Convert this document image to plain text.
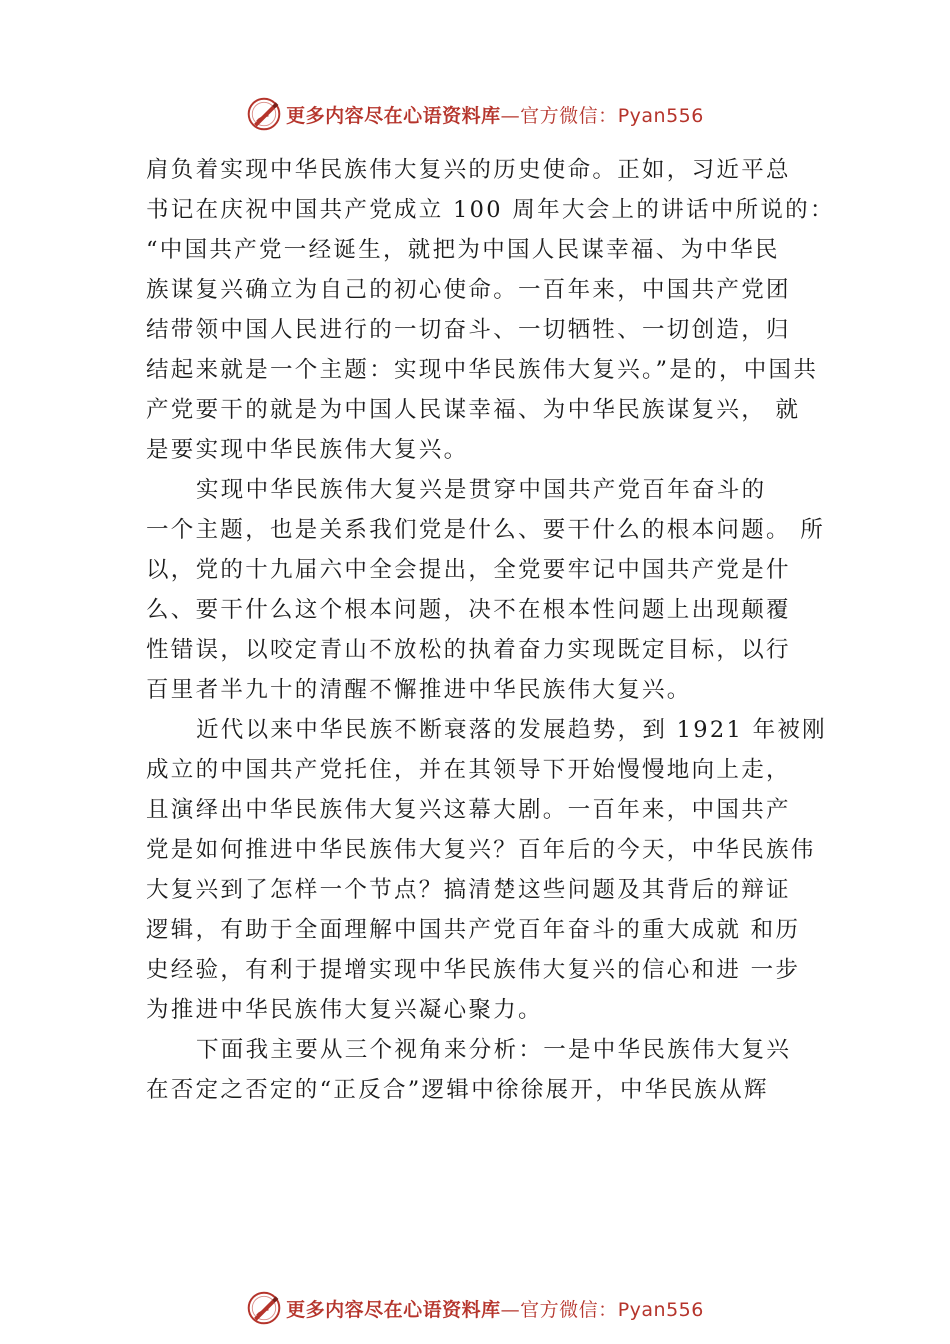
更多内容尽在心语资料库—官方微信：Pyan556

肩负着实现中华民族伟大复兴的历史使命。正如，习近平总
书记在庆祝中国共产党成立 100 周年大会上的讲话中所说的：
“中国共产党一经诞生，就把为中国人民谋幸福、为中华民
族谋复兴确立为自己的初心使命。一百年来，中国共产党团
结带领中国人民进行的一切奋斗、一切牺牲、一切创造，归
结起来就是一个主题：实现中华民族伟大复兴。”是的，中国共
产党要干的就是为中国人民谋幸福、为中华民族谋复兴， 就
是要实现中华民族伟大复兴。

实现中华民族伟大复兴是贯穿中国共产党百年奋斗的
一个主题，也是关系我们党是什么、要干什么的根本问题。 所
以，党的十九届六中全会提出，全党要牢记中国共产党是什
么、要干什么这个根本问题，决不在根本性问题上出现颠覆
性错误，以咬定青山不放松的执着奋力实现既定目标，以行
百里者半九十的清醒不懈推进中华民族伟大复兴。

近代以来中华民族不断衰落的发展趋势，到 1921 年被刚
成立的中国共产党托住，并在其领导下开始慢慢地向上走，
且演绎出中华民族伟大复兴这幕大剧。一百年来，中国共产
党是如何推进中华民族伟大复兴？百年后的今天，中华民族伟
大复兴到了怎样一个节点？搞清楚这些问题及其背后的辩证
逻辑，有助于全面理解中国共产党百年奋斗的重大成就 和历
史经验，有利于提增实现中华民族伟大复兴的信心和进 一步
为推进中华民族伟大复兴凝心聚力。

下面我主要从三个视角来分析：一是中华民族伟大复兴
在否定之否定的“正反合”逻辑中徐徐展开，中华民族从辉

更多内容尽在心语资料库—官方微信：Pyan556
